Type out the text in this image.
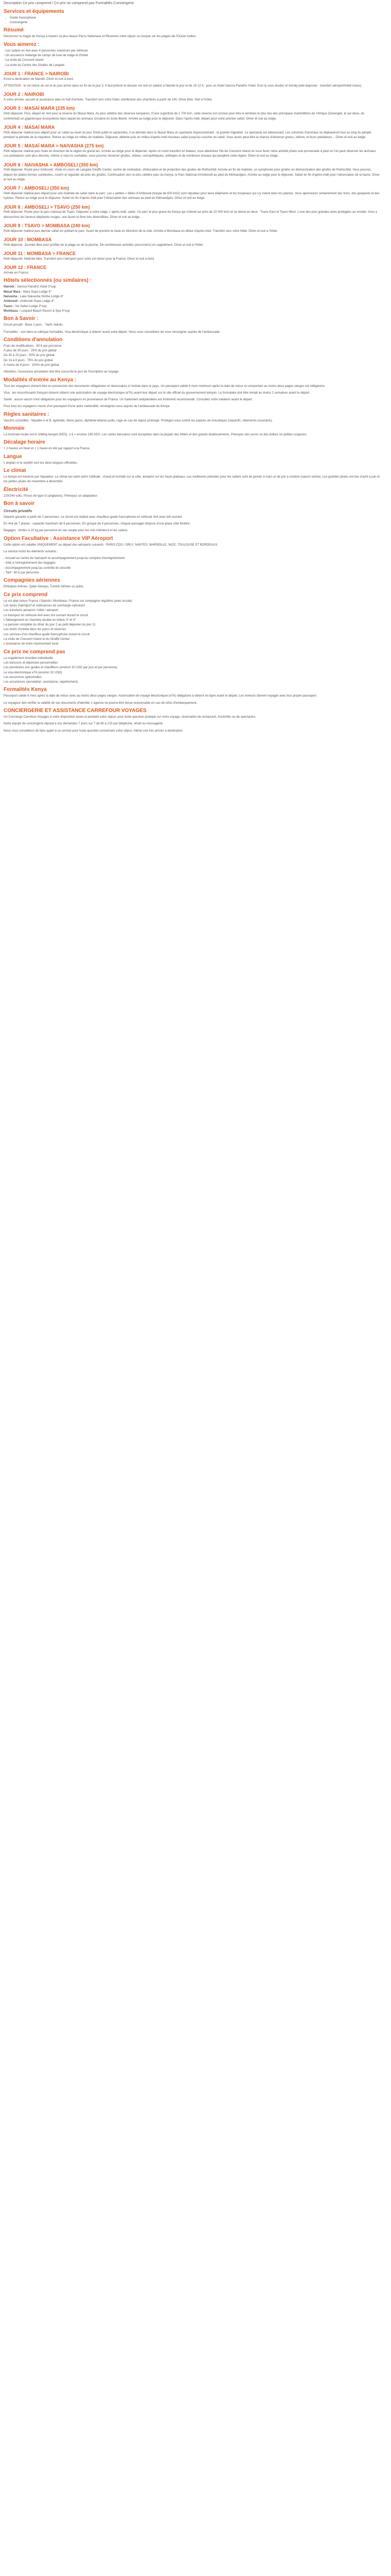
Description Ce prix comprend / Ce prix ne comprend pas Formalités Conciergerie

Services et équipements
• Guide francophone
• Conciergerie
Résumé

Découvrez la magie du Kenya à travers sa plus beaux Parcs Nationaux et Réserves votre séjour se toucpie sur les plages de l'Océan Indien.

Vous aimerez :
- Les safaris en 4x4 avec 4 personnes maximum par véhicule
- Un accueurur mélange de camps de luxe de lodge et d'hotel
- La visite de Crescent Island
- La visite du Centre des Girafes de Langata
JOUR 1 : FRANCE > NAIROBI

Envol à destination de Nairobi. Dîner et nuit à bord.

ATTENTION : le vol retour du vol et du jour arrive dans en fin de la jour 3. Il faut prévoir le dossier vol nuit en safaris à Nairobi le jour et de 16 12 A : pres un Hotel Sarova Panafric Hotel. D'un le vous doutes et Ireiraly petit dejeuner - transfert aéroport/hôtel inclus).

JOUR 2 : NAIROBI

À votre arrivée, accueil et assistance dans le hall d'arrivée. Transfert vers votre hôtel, distribution des chambres à partir de 14h. Dîner libre. Nuit à l'hôtel.

JOUR 3 : MASAÏ MARA (235 km)

Petit déjeuner. Puis, départ en 4x4 pour la réserve du Masaï Mara. Au plus célèbre des réserves kenyanes. D'une superficie de 1 700 km², cette réserve est connue pour être le territoire le plus lieu des principaux mammifères de l'Afrique (Serengeti, le sur-deux, du continental) un gigantesque écosystème dans laquel les animaux circulent en toute liberté. Arrivée au lodge pour le déjeuner. Dans l'après-midi, départ pour votre premier safari. Dîner et nuit au lodge.

JOUR 4 : MASAÏ MARA

Petit déjeuner matinal puis départ pour un safari au lever du jour. Entre juillet et septembre, il se déroule dans le Masaï Mara un spectacle impressionnant : la grande migration. Le spectacle est éblouissant. Les colonnes d'animaux se déplaceront tout au long du périple pendant la période de la migration. Retour au lodge en milieu de matinée. Déjeuner, détente puis en milieu d'après-midi nouveau safari jusqu'au coucher du soleil. Vous aurez peut-être la chance d'observer gnous, zèbres, et leurs prédateurs... Dîner et nuit au lodge.

JOUR 5 : MASAÏ MARA > NAIVASHA (275 km)

Petit déjeuner matinal puis route en direction de la région du grand lac. Arrivée au lodge pour le déjeuner. Après un court transfert en bateau, vous atteindrez l'île de Crescent Island où vous ferez notre activité phare une promenade à pied où l'on peut observer les animaux. Les prédateurs sont plus discrets, même si vous le souhaitez, vous pourrez observer girafes, zèbres, cercopithèques, antilopes et de nombreux oiseaux qui peuplent cette région. Dîner et nuit au lodge.

JOUR 6 : NAIVASHA > AMBOSELI (350 km)

Petit déjeuner. Route pour Amboseli. Visite en cours de Langata Giraffe Center, centre de motivation, d'éducation et de protection des girafes de Rothschild. Arrivée en fin de matinée, un symphonie pour girafes en démonstration des girafes de Rothschild. Vous pourrez, depuis les plates-formes surélevées, nourrir et regarder de près les girafes. Continuation vers le plus célèbre parc du Kenya, le Parc National d'Amboseli au pied du Kilimandjaro. Arrivée au lodge pour le déjeuner. Safari en fin d'après-midi pour l'observation de la faune. Dîner et nuit au lodge.

JOUR 7 : AMBOSELI (350 km)

Petit déjeuner matinal puis départ pour une matinée de safari dans le parc. Les « petites » bêtes d'Amboseli (troupe de 600 km2) sont réputées pour leurs éléphants et les troupeaux qui s'y voient dans les plaines. Vous apercevrez certainement des lions, des guépards et des hyènes. Retour au lodge pour le déjeuner. Safari en fin d'après-midi pour l'observation des animaux au pied du Kilimandjaro. Dîner et nuit au lodge.

JOUR 8 : AMBOSELI > TSAVO (250 km)

Petit déjeuner. Route pour le parc national de Tsavo. Déjeuner à votre lodge. L'après-midi, safari. Ce parc le plus grand du Kenya qui s'étend sur près de 22 000 km2 et se divise en deux : Tsavo East et Tsavo West. L'une des plus grandes aires protégées au monde. Vous y découvrirez les fameux éléphants rouges, une faune et flore très diversifiées. Dîner et nuit au lodge.

JOUR 9 : TSAVO > MOMBASA (240 km)

Petit déjeuner matinal puis dernier safari en quittant le parc. Avant de prendre la route en direction de la côte. Arrivée à Mombasa en début d'après-midi. Transfert vers votre hôtel. Dîner et nuit à l'hôtel.

JOUR 10 : MOMBASA

Petit déjeuner. Journée libre pour profiter de la plage ou de la piscine. De nombreuses activités (excursions) en supplément. Dîner et nuit à l'hôtel.

JOUR 11 : MOMBASA > FRANCE

Petit déjeuner. Matinée libre. Transfert vers l'aéroport pour votre vol retour pour la France. Dîner et nuit à bord.

JOUR 12 : FRANCE

Arrivée en France.

Hôtels sélectionnés (ou similaires) :
Nairobi : Sarova Panafric Hotel 3*sup
Masaï Mara : Mara Sopa Lodge 4*
Naivasha : Lake Naivasha Simba Lodge 4*
Amboseli : Amboseli Sopa Lodge 4*
Tsavo : Voi Safari Lodge 3*sup
Mombasa : Leopard Beach Resort & Spa 4*sup
Bon à Savoir :

Circuit privatif - Base 2 pers. - Tarifs réduits.

Formalités : voir dans la rubrique formalités. Visa électronique à obtenir avant votre départ. Nous vous conseillons de vous renseigner auprès de l'ambassade.

Conditions d'annulation
Frais de modifications : 80 € par personne
À plus de 30 jours : 25% du prix global
De 30 à 15 jours : 50% du prix global
De 14 à 8 jours : 75% du prix global
À moins de 8 jours : 100% du prix global

Attention, l'assurance annulation doit être souscrite le jour de l'inscription au voyage.

Modalités d'entrée au Kenya :

Tous les voyageurs doivent être en possession des documents obligatoires et nécessaires à l'entrée dans le pays. Un passeport valide 6 mois minimum après la date de retour et comportant au moins deux pages vierges est obligatoire.

Visa : les ressortissants français doivent obtenir une autorisation de voyage électronique (eTA) avant leur départ sur le site officiel du gouvernement kényan. Le formulaire doit être rempli au moins 2 semaines avant le départ.

Santé : aucun vaccin n'est obligatoire pour les voyageurs en provenance de France. Un traitement antipaludéen est fortement recommandé. Consultez votre médecin avant le départ.

Pour tous les voyageurs munis d'un passeport d'une autre nationalité, renseignez-vous auprès de l'ambassade du Kenya.

Règles sanitaires :

Vaccins conseillés : hépatite A et B, typhoïde, fièvre jaune, diphtérie-tétanos-polio, rage en cas de séjour prolongé. Protégez-vous contre les piqûres de moustiques (répulsifs, vêtements couvrants).

Monnaie

La monnaie locale est le shilling kenyan (KES). 1 € = environ 140 KES. Les cartes bancaires sont acceptées dans la plupart des hôtels et des grands établissements. Prévoyez des euros ou des dollars en petites coupures.

Décalage horaire

+ 2 heures en hiver et + 1 heure en été par rapport à la France.

Langue

L'anglais et le swahili sont les deux langues officielles.

Le climat

Le Kenya est traversé par l'équateur. Le climat est varié selon l'altitude : chaud et humide sur la côte, tempéré sur les hauts plateaux. Les meilleures périodes pour les safaris sont de janvier à mars et de juin à octobre (saison sèche). Les grandes pluies ont lieu d'avril à juin et les petites pluies de novembre à décembre.

Électricité

220/240 volts. Prises de type G (anglaises). Prévoyez un adaptateur.

Bon à savoir
Circuits privatifs

Départs garantis à partir de 2 personnes. Le circuit est réalisé avec chauffeur-guide francophone en véhicule 4x4 avec toit ouvrant.

En 4x4 de 7 places : capacité maximum de 6 personnes. En groupe de 4 personnes, chaque passager dispose d'une place côté fenêtre.

Bagages : limités à 15 kg par personne en sac souple pour les vols intérieurs et les safaris.

Option Facultative : Assistance VIP Aéroport

Cette option est valable UNIQUEMENT au départ des aéroports suivants : PARIS CDG / ORLY, NANTES, MARSEILLE, NICE, TOULOUSE ET BORDEAUX.

Le service inclut les éléments suivants :

- Accueil au centre de l'aéroport et accompagnement jusqu'au comptoir d'enregistrement
- Aide à l'enregistrement des bagages
- Accompagnement jusqu'au contrôle de sécurité
- Tarif : 60 € par personne
Compagnies aériennes

Ethiopian Airlines, Qatar Airways, Turkish Airlines ou autre.

Ce prix comprend
Le vol aller-retour France / Nairobi / Mombasa / France sur compagnie régulière (avec escale)
Les taxes d'aéroport et redevances de surcharge carburant
Les transferts aéroport / hôtel / aéroport
Le transport en véhicule 4x4 avec toit ouvrant durant le circuit
L'hébergement en chambre double en hôtels 3* et 4*
La pension complète du dîner du jour 2 au petit déjeuner du jour 11
Les droits d'entrée dans les parcs et réserves
Les services d'un chauffeur-guide francophone durant le circuit
La visite de Crescent Island et du Giraffe Center
L'assistance de notre représentant local
Ce prix ne comprend pas
Le supplément chambre individuelle
Les boissons et dépenses personnelles
Les pourboires aux guides et chauffeurs (environ 10 USD par jour et par personne)
Le visa électronique eTA (environ 32 USD)
Les excursions optionnelles
Les assurances (annulation, assistance, rapatriement)
Formalités Kenya

Passeport valide 6 mois après la date de retour avec au moins deux pages vierges. Autorisation de voyage électronique (eTA) obligatoire à obtenir en ligne avant le départ. Les mineurs doivent voyager avec leur propre passeport.

Le voyageur doit vérifier la validité de ses documents d'identité. L'agence ne pourra être tenue responsable en cas de refus d'embarquement.

CONCIERGERIE ET ASSISTANCE CARREFOUR VOYAGES

Un Concierge Carrefour Voyages à votre disposition avant et pendant votre séjour, pour toute question pratique sur votre voyage, réservation de restaurant, d'activités ou de spectacles.

Notre équipe de conciergerie répond à vos demandes 7 jours sur 7 de 9h à 21h par téléphone, email ou messagerie.

Nous vous conseillons de faire appel à ce service pour toute question concernant votre séjour, même une fois arrivés à destination.
